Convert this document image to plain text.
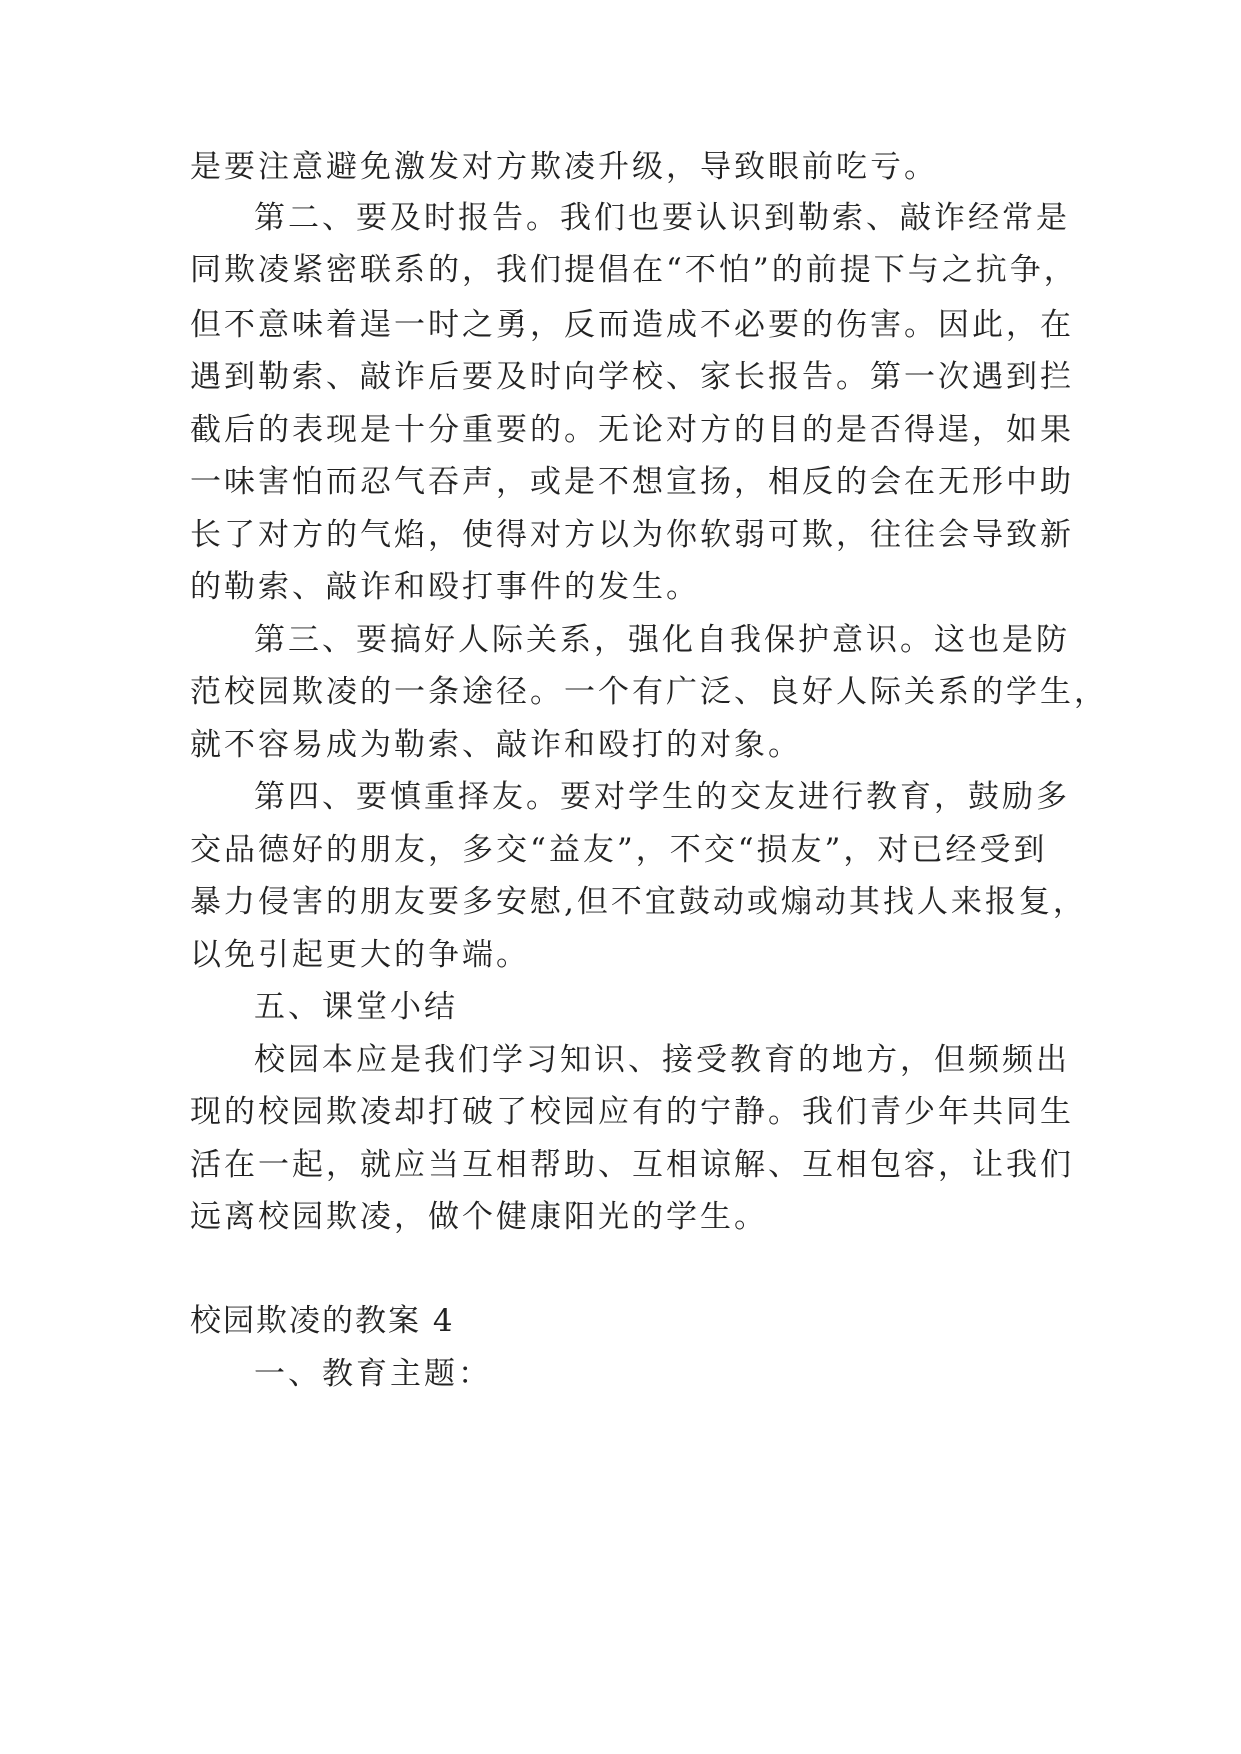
是要注意避免激发对方欺凌升级，导致眼前吃亏。
第二、要及时报告。我们也要认识到勒索、敲诈经常是
同欺凌紧密联系的，我们提倡在“不怕”的前提下与之抗争，
但不意味着逞一时之勇，反而造成不必要的伤害。因此，在
遇到勒索、敲诈后要及时向学校、家长报告。第一次遇到拦
截后的表现是十分重要的。无论对方的目的是否得逞，如果
一味害怕而忍气吞声，或是不想宣扬，相反的会在无形中助
长了对方的气焰，使得对方以为你软弱可欺，往往会导致新
的勒索、敲诈和殴打事件的发生。
第三、要搞好人际关系，强化自我保护意识。这也是防
范校园欺凌的一条途径。一个有广泛、良好人际关系的学生，
就不容易成为勒索、敲诈和殴打的对象。
第四、要慎重择友。要对学生的交友进行教育，鼓励多
交品德好的朋友，多交“益友”，不交“损友”，对已经受到
暴力侵害的朋友要多安慰,但不宜鼓动或煽动其找人来报复，
以免引起更大的争端。
五、课堂小结
校园本应是我们学习知识、接受教育的地方，但频频出
现的校园欺凌却打破了校园应有的宁静。我们青少年共同生
活在一起，就应当互相帮助、互相谅解、互相包容，让我们
远离校园欺凌，做个健康阳光的学生。
校园欺凌的教案 4
一、教育主题：
